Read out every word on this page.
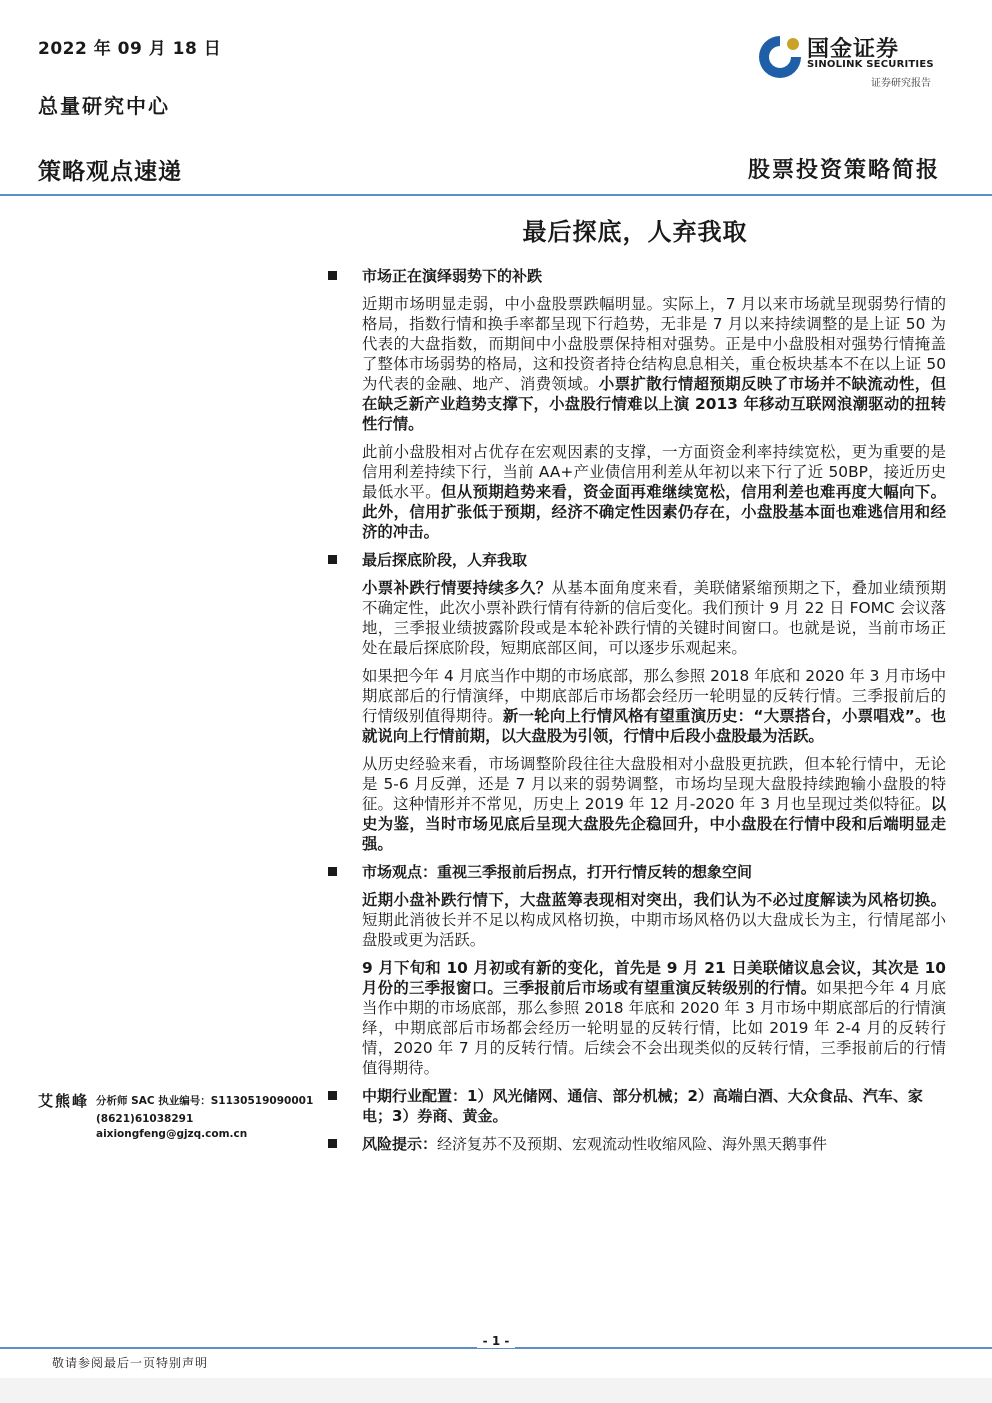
2022 年 09 月 18 日
总量研究中心
国金证券
SINOLINK SECURITIES
证券研究报告
策略观点速递	股票投资策略简报
最后探底，人弃我取
市场正在演绎弱势下的补跌
近期市场明显走弱，中小盘股票跌幅明显。实际上，7 月以来市场就呈现弱势行情的格局，指数行情和换手率都呈现下行趋势，无非是 7 月以来持续调整的是上证 50 为代表的大盘指数，而期间中小盘股票保持相对强势。正是中小盘股相对强势行情掩盖了整体市场弱势的格局，这和投资者持仓结构息息相关，重仓板块基本不在以上证 50 为代表的金融、地产、消费领域。小票扩散行情超预期反映了市场并不缺流动性，但在缺乏新产业趋势支撑下，小盘股行情难以上演 2013 年移动互联网浪潮驱动的扭转性行情。
此前小盘股相对占优存在宏观因素的支撑，一方面资金利率持续宽松，更为重要的是信用利差持续下行，当前 AA+产业债信用利差从年初以来下行了近 50BP，接近历史最低水平。但从预期趋势来看，资金面再难继续宽松，信用利差也难再度大幅向下。此外，信用扩张低于预期，经济不确定性因素仍存在，小盘股基本面也难逃信用和经济的冲击。
最后探底阶段，人弃我取
小票补跌行情要持续多久？从基本面角度来看，美联储紧缩预期之下，叠加业绩预期不确定性，此次小票补跌行情有待新的信后变化。我们预计 9 月 22 日 FOMC 会议落地，三季报业绩披露阶段或是本轮补跌行情的关键时间窗口。也就是说，当前市场正处在最后探底阶段，短期底部区间，可以逐步乐观起来。
如果把今年 4 月底当作中期的市场底部，那么参照 2018 年底和 2020 年 3 月市场中期底部后的行情演绎，中期底部后市场都会经历一轮明显的反转行情。三季报前后的行情级别值得期待。新一轮向上行情风格有望重演历史：“大票搭台，小票唱戏”。也就说向上行情前期，以大盘股为引领，行情中后段小盘股最为活跃。
从历史经验来看，市场调整阶段往往大盘股相对小盘股更抗跌，但本轮行情中，无论是 5-6 月反弹，还是 7 月以来的弱势调整，市场均呈现大盘股持续跑输小盘股的特征。这种情形并不常见，历史上 2019 年 12 月-2020 年 3 月也呈现过类似特征。以史为鉴，当时市场见底后呈现大盘股先企稳回升，中小盘股在行情中段和后端明显走强。
市场观点：重视三季报前后拐点，打开行情反转的想象空间
近期小盘补跌行情下，大盘蓝筹表现相对突出，我们认为不必过度解读为风格切换。短期此消彼长并不足以构成风格切换，中期市场风格仍以大盘成长为主，行情尾部小盘股或更为活跃。
9 月下旬和 10 月初或有新的变化，首先是 9 月 21 日美联储议息会议，其次是 10 月份的三季报窗口。三季报前后市场或有望重演反转级别的行情。如果把今年 4 月底当作中期的市场底部，那么参照 2018 年底和 2020 年 3 月市场中期底部后的行情演绎，中期底部后市场都会经历一轮明显的反转行情，比如 2019 年 2-4 月的反转行情，2020 年 7 月的反转行情。后续会不会出现类似的反转行情，三季报前后的行情值得期待。
中期行业配置：1）风光储网、通信、部分机械；2）高端白酒、大众食品、汽车、家电；3）券商、黄金。
风险提示：经济复苏不及预期、宏观流动性收缩风险、海外黑天鹅事件
艾熊峰 分析师 SAC 执业编号：S1130519090001
(8621)61038291
aixiongfeng@gjzq.com.cn
- 1 -
敬请参阅最后一页特别声明
